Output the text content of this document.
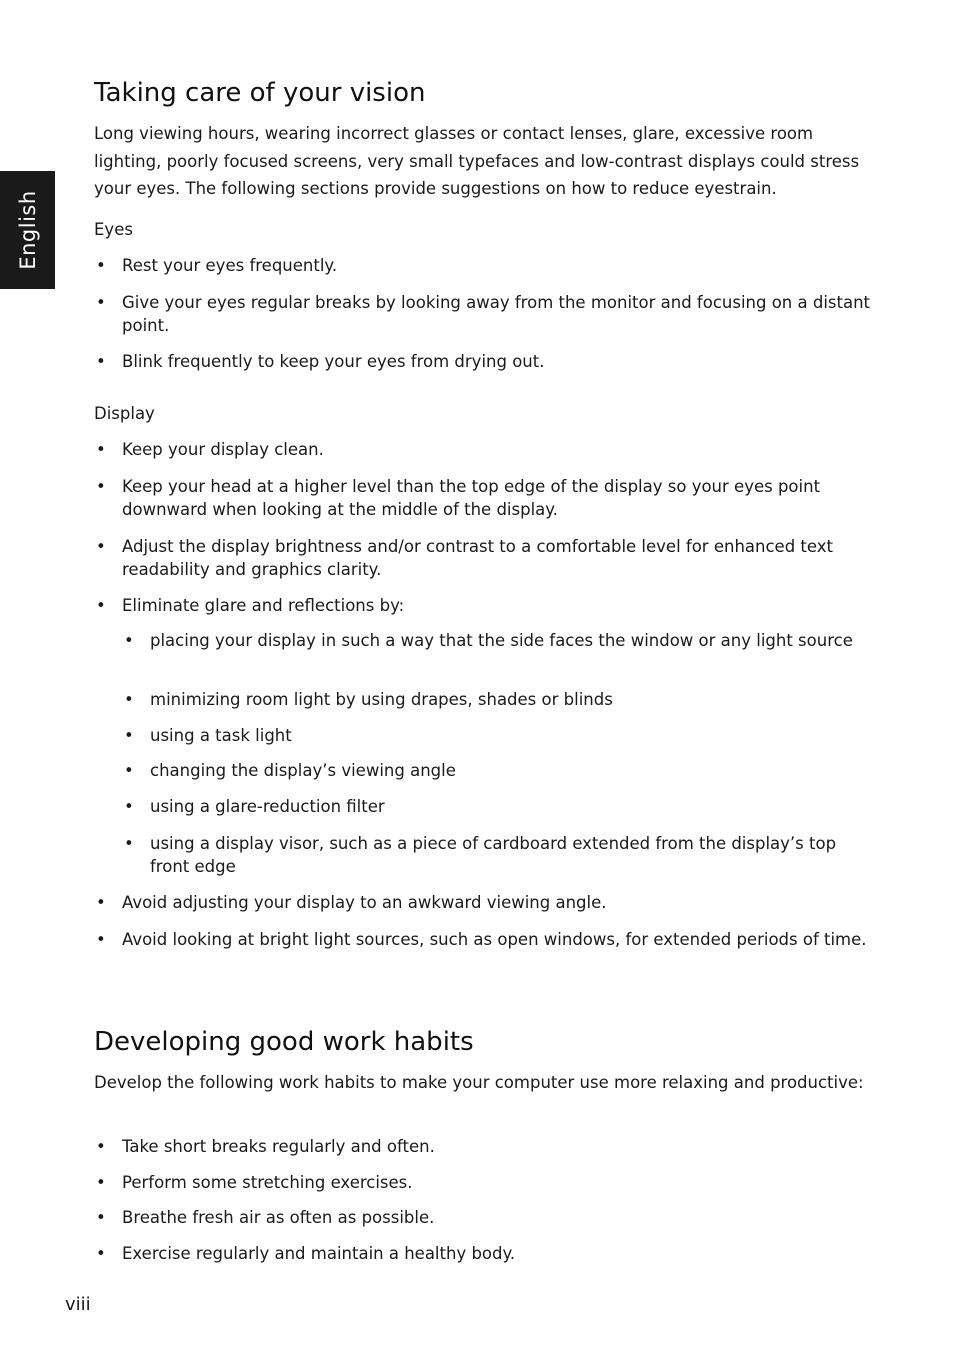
English
Taking care of your vision

Long viewing hours, wearing incorrect glasses or contact lenses, glare, excessive room lighting, poorly focused screens, very small typefaces and low-contrast displays could stress your eyes. The following sections provide suggestions on how to reduce eyestrain.

Eyes

• Rest your eyes frequently.
• Give your eyes regular breaks by looking away from the monitor and focusing on a distant point.
• Blink frequently to keep your eyes from drying out.

Display

• Keep your display clean.
• Keep your head at a higher level than the top edge of the display so your eyes point downward when looking at the middle of the display.
• Adjust the display brightness and/or contrast to a comfortable level for enhanced text readability and graphics clarity.
• Eliminate glare and reflections by:
• placing your display in such a way that the side faces the window or any light source
• minimizing room light by using drapes, shades or blinds
• using a task light
• changing the display’s viewing angle
• using a glare-reduction filter
• using a display visor, such as a piece of cardboard extended from the display’s top front edge
• Avoid adjusting your display to an awkward viewing angle.
• Avoid looking at bright light sources, such as open windows, for extended periods of time.
Developing good work habits

Develop the following work habits to make your computer use more relaxing and productive:

• Take short breaks regularly and often.
• Perform some stretching exercises.
• Breathe fresh air as often as possible.
• Exercise regularly and maintain a healthy body.
viii
